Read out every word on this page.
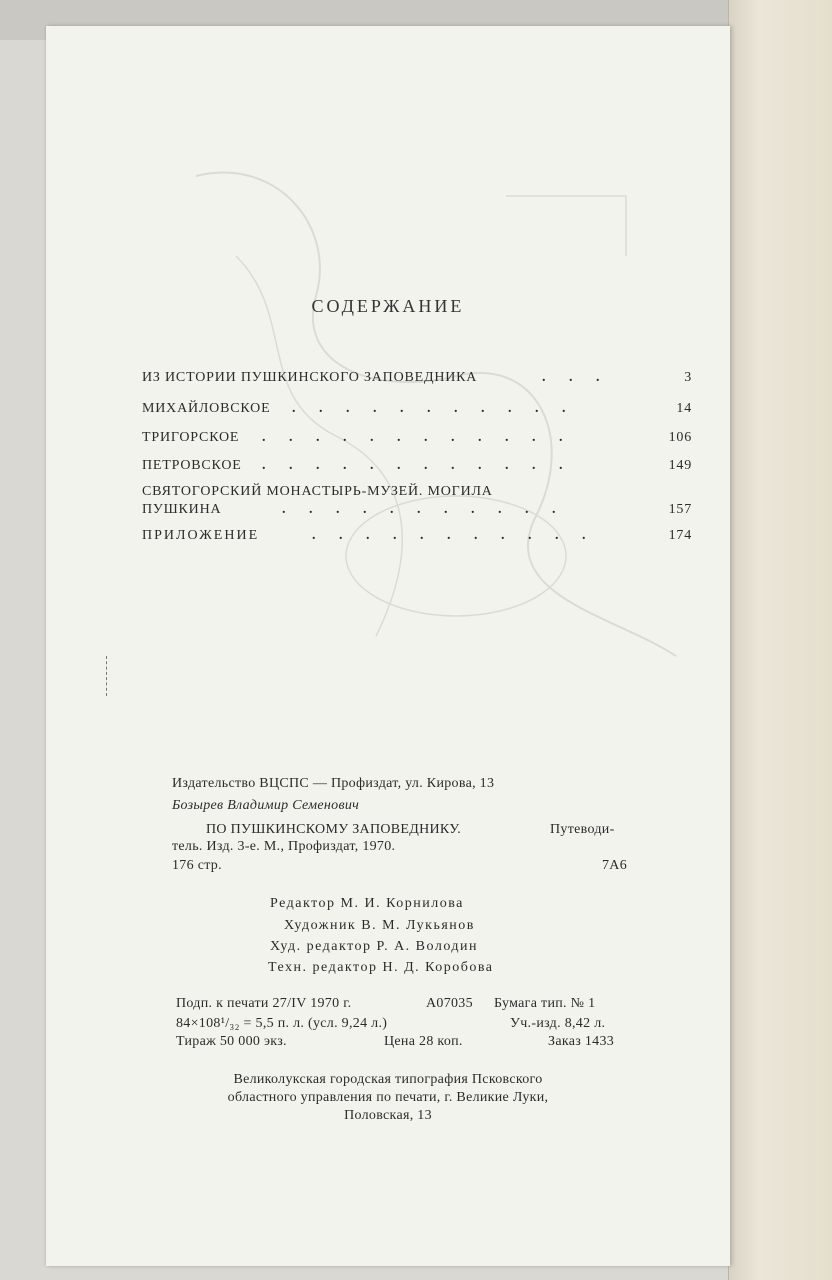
СОДЕРЖАНИЕ
ИЗ ИСТОРИИ ПУШКИНСКОГО ЗАПОВЕДНИКА	. . .	3
МИХАЙЛОВСКОЕ . . . . . . . . . . .	14
ТРИГОРСКОЕ . . . . . . . . . . . .	106
ПЕТРОВСКОЕ . . . . . . . . . . . .	149
СВЯТОГОРСКИЙ МОНАСТЫРЬ-МУЗЕЙ. МОГИЛА
ПУШКИНА	. . . . . . . . . . .	157
ПРИЛОЖЕНИЕ	. . . . . . . . . . .	174
Издательство ВЦСПС — Профиздат, ул. Кирова, 13
Бозырев Владимир Семенович
ПО ПУШКИНСКОМУ ЗАПОВЕДНИКУ.	Путеводи-
тель. Изд. 3-е. М., Профиздат, 1970.
176 стр.	7А6
Редактор М. И. Корнилова
Художник В. М. Лукьянов
Худ. редактор Р. А. Володин
Техн. редактор Н. Д. Коробова
Подп. к печати 27/IV 1970 г.	А07035 Бумага тип. № 1
84×108¹/₃₂ = 5,5 п. л. (усл. 9,24 л.)	Уч.-изд. 8,42 л.
Тираж 50 000 экз.	Цена 28 коп.	Заказ 1433
Великолукская городская типография Псковского
областного управления по печати, г. Великие Луки,
Половская, 13
